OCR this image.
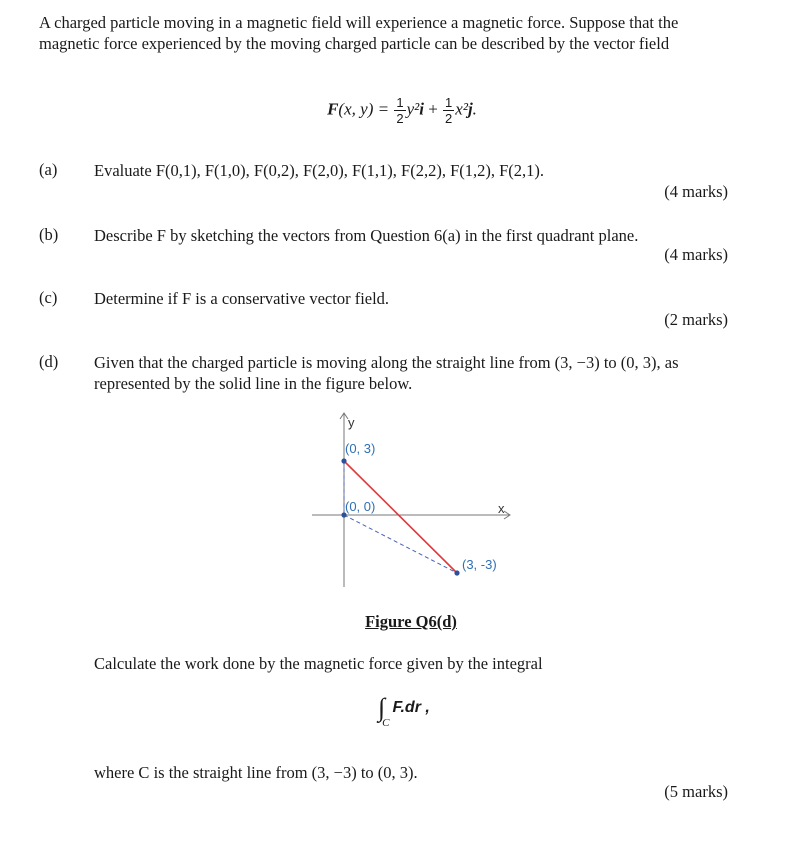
A charged particle moving in a magnetic field will experience a magnetic force. Suppose that the magnetic force experienced by the moving charged particle can be described by the vector field
F(x, $y) = \frac{1}{2} y^2i + \frac{1}{2} x^2j$.
(a) Evaluate F(0,1), F(1,0), F(0,2), F(2,0), F(1,1), F(2,2), F(1,2), F(2,1).
(4 marks)
(b) Describe F by sketching the vectors from Question 6(a) in the first quadrant plane.
(4 marks)
(c) Determine if F is a conservative vector field.
(2 marks)
(d) Given that the charged particle is moving along the straight line from (3, −3) to (0, 3), as represented by the solid line in the figure below.
y
x
(0, 3)
(0, 0)
(3, -3)
Figure Q6(d)
Calculate the work done by the magnetic force given by the integral
$\int_CF.dr$ ,
where C is the straight line from (3, −3) to (0, 3).
(5 marks)
